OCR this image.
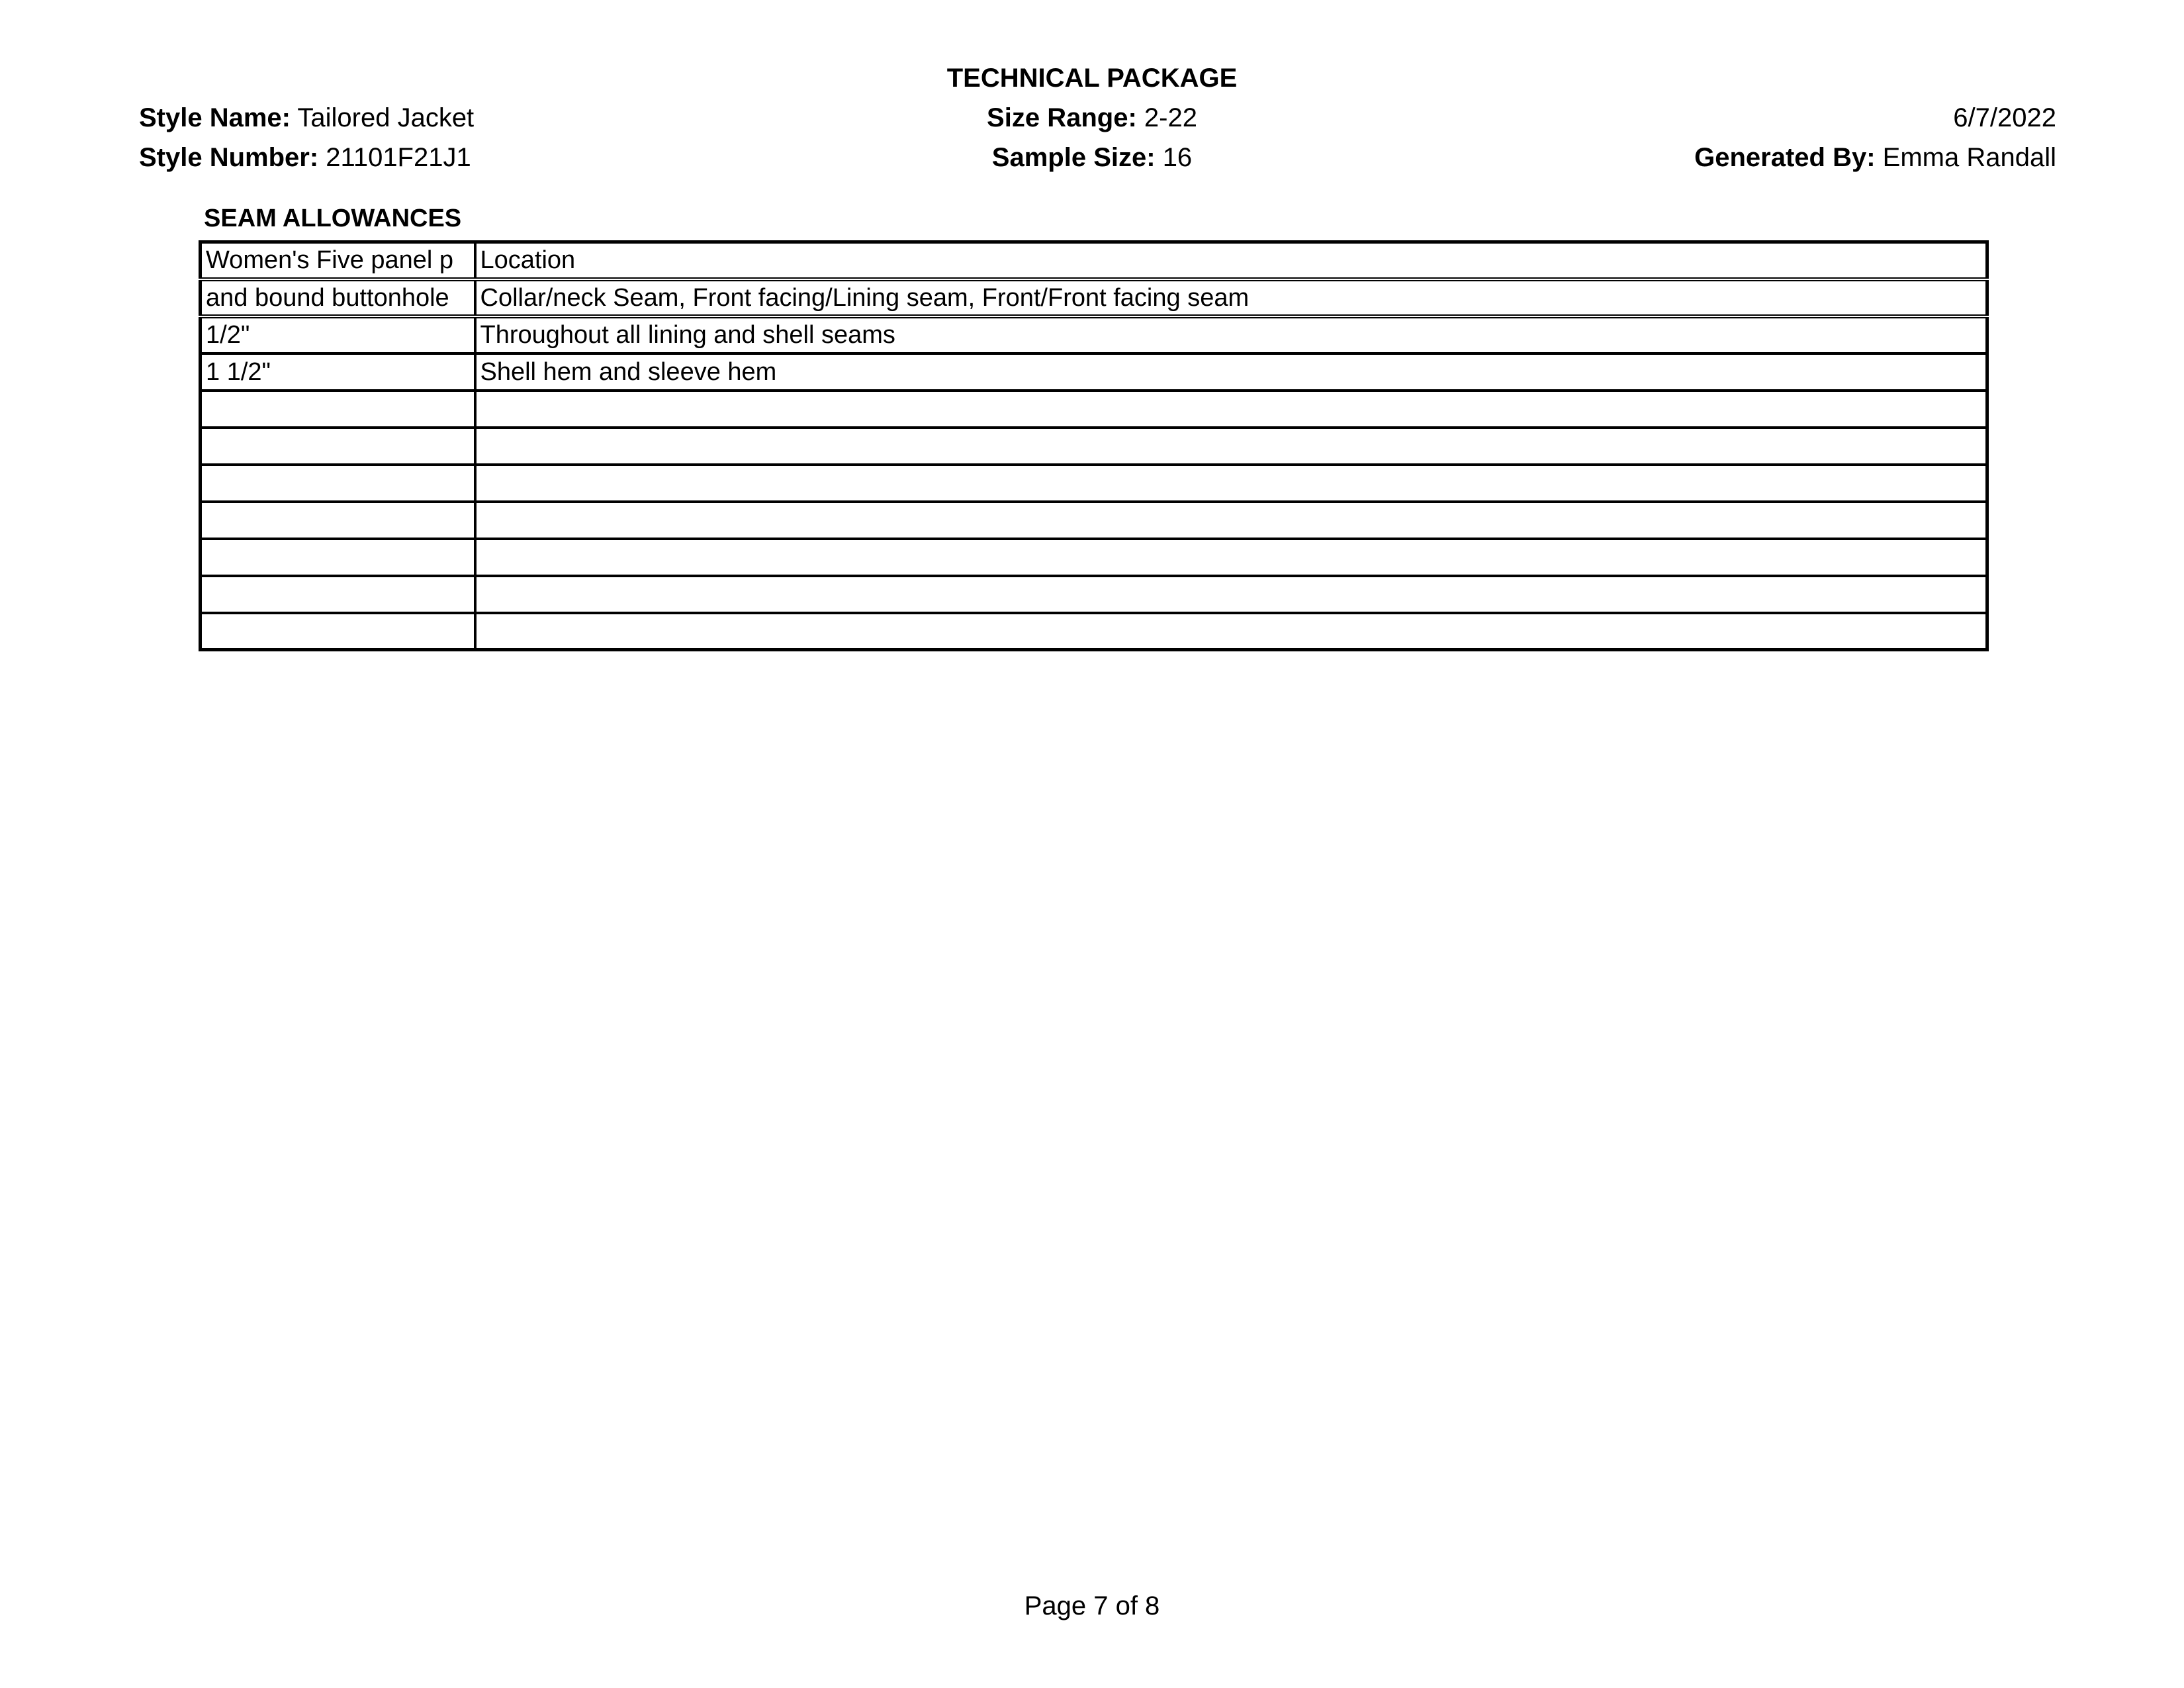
TECHNICAL PACKAGE
Style Name: Tailored Jacket
Style Number: 21101F21J1
Size Range: 2-22
Sample Size: 16
6/7/2022
Generated By: Emma Randall
SEAM ALLOWANCES
Women's Five panel p	Location
and bound buttonhole	Collar/neck Seam, Front facing/Lining seam, Front/Front facing seam
1/2"	Throughout all lining and shell seams
1 1/2"	Shell hem and sleeve hem

Page 7 of 8
